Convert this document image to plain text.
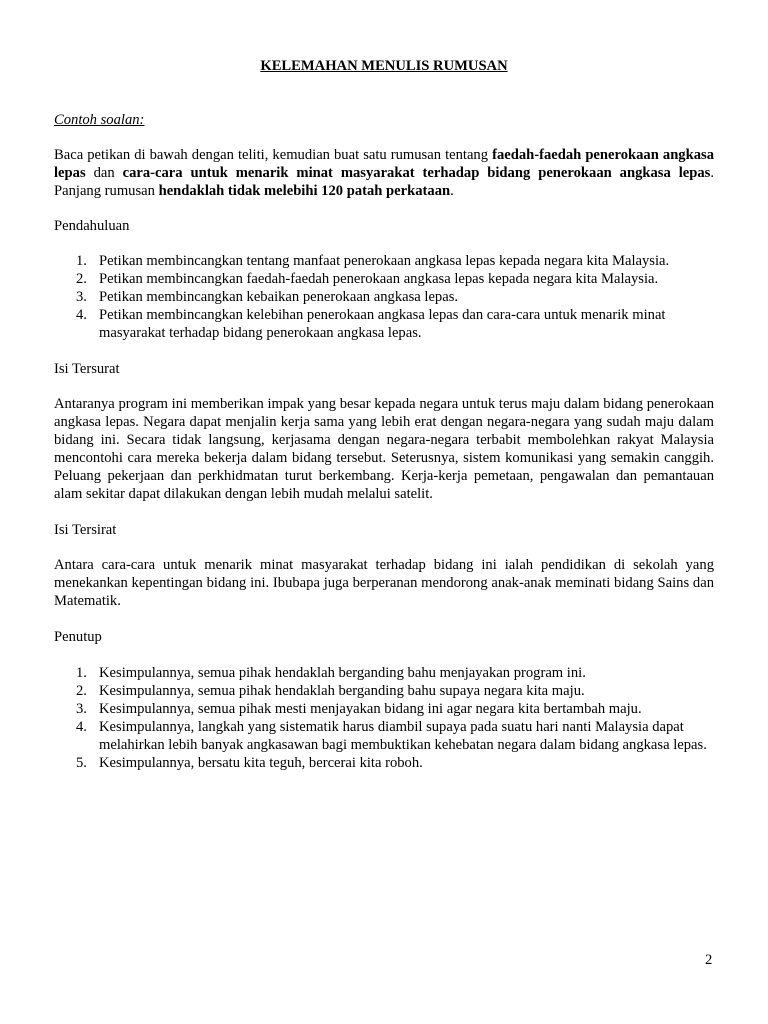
KELEMAHAN MENULIS RUMUSAN

Contoh soalan:

Baca petikan di bawah dengan teliti, kemudian buat satu rumusan tentang faedah-faedah penerokaan angkasa lepas dan cara-cara untuk menarik minat masyarakat terhadap bidang penerokaan angkasa lepas. Panjang rumusan hendaklah tidak melebihi 120 patah perkataan.

Pendahuluan

1. Petikan membincangkan tentang manfaat penerokaan angkasa lepas kepada negara kita Malaysia.
2. Petikan membincangkan faedah-faedah penerokaan angkasa lepas kepada negara kita Malaysia.
3. Petikan membincangkan kebaikan penerokaan angkasa lepas.
4. Petikan membincangkan kelebihan penerokaan angkasa lepas dan cara-cara untuk menarik minat masyarakat terhadap bidang penerokaan angkasa lepas.

Isi Tersurat

Antaranya program ini memberikan impak yang besar kepada negara untuk terus maju dalam bidang penerokaan angkasa lepas. Negara dapat menjalin kerja sama yang lebih erat dengan negara-negara yang sudah maju dalam bidang ini. Secara tidak langsung, kerjasama dengan negara-negara terbabit membolehkan rakyat Malaysia mencontohi cara mereka bekerja dalam bidang tersebut. Seterusnya, sistem komunikasi yang semakin canggih. Peluang pekerjaan dan perkhidmatan turut berkembang. Kerja-kerja pemetaan, pengawalan dan pemantauan alam sekitar dapat dilakukan dengan lebih mudah melalui satelit.

Isi Tersirat

Antara cara-cara untuk menarik minat masyarakat terhadap bidang ini ialah pendidikan di sekolah yang menekankan kepentingan bidang ini. Ibubapa juga berperanan mendorong anak-anak meminati bidang Sains dan Matematik.

Penutup

1. Kesimpulannya, semua pihak hendaklah berganding bahu menjayakan program ini.
2. Kesimpulannya, semua pihak hendaklah berganding bahu supaya negara kita maju.
3. Kesimpulannya, semua pihak mesti menjayakan bidang ini agar negara kita bertambah maju.
4. Kesimpulannya, langkah yang sistematik harus diambil supaya pada suatu hari nanti Malaysia dapat melahirkan lebih banyak angkasawan bagi membuktikan kehebatan negara dalam bidang angkasa lepas.
5. Kesimpulannya, bersatu kita teguh, bercerai kita roboh.

2
